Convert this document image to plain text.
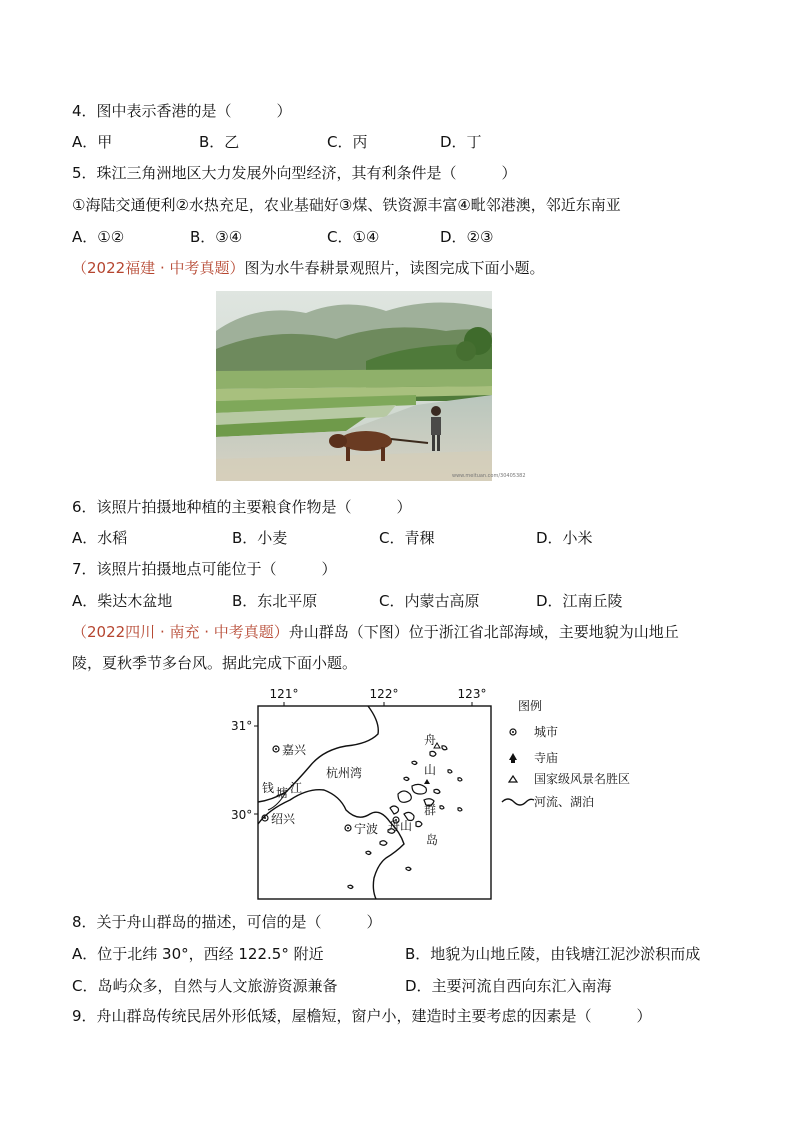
4．图中表示香港的是（　　　）
A．甲	B．乙	C．丙	D．丁
5．珠江三角洲地区大力发展外向型经济，其有利条件是（　　　）
①海陆交通便利②水热充足，农业基础好③煤、铁资源丰富④毗邻港澳，邻近东南亚
A．①②	B．③④	C．①④	D．②③
（2022福建 · 中考真题）图为水牛春耕景观照片，读图完成下面小题。
www.meituan.com/30405382
6．该照片拍摄地种植的主要粮食作物是（　　　）
A．水稻	B．小麦	C．青稞	D．小米
7．该照片拍摄地点可能位于（　　　）
A．柴达木盆地	B．东北平原	C．内蒙古高原	D．江南丘陵
（2022四川 · 南充 · 中考真题）舟山群岛（下图）位于浙江省北部海域，主要地貌为山地丘
陵，夏秋季节多台风。据此完成下面小题。
121°	122°	123°
31°
30°
嘉兴
杭州湾
钱 塘 江
绍兴
宁波 舟山
舟
山
群
岛
图例
城市
寺庙
国家级风景名胜区
河流、湖泊
8．关于舟山群岛的描述，可信的是（　　　）
A．位于北纬 30°，西经 122.5° 附近	B．地貌为山地丘陵，由钱塘江泥沙淤积而成
C．岛屿众多，自然与人文旅游资源兼备	D．主要河流自西向东汇入南海
9．舟山群岛传统民居外形低矮，屋檐短，窗户小，建造时主要考虑的因素是（　　　）
